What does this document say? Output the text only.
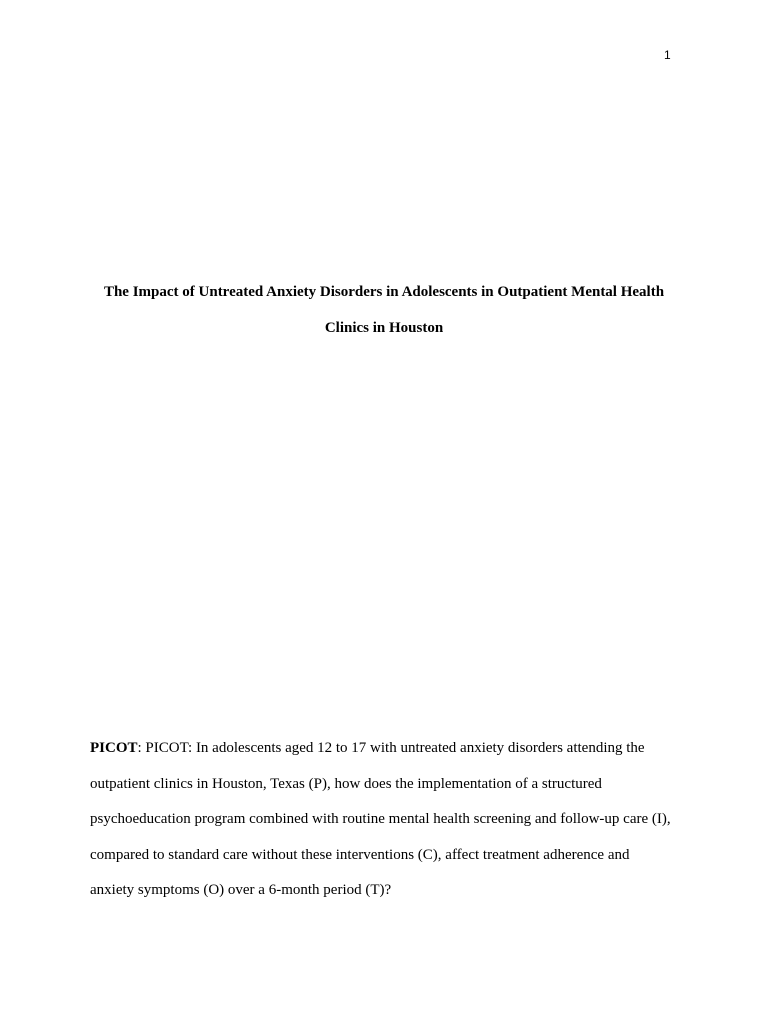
1
The Impact of Untreated Anxiety Disorders in Adolescents in Outpatient Mental Health
Clinics in Houston
PICOT: PICOT: In adolescents aged 12 to 17 with untreated anxiety disorders attending the
outpatient clinics in Houston, Texas (P), how does the implementation of a structured
psychoeducation program combined with routine mental health screening and follow-up care (I),
compared to standard care without these interventions (C), affect treatment adherence and
anxiety symptoms (O) over a 6-month period (T)?
